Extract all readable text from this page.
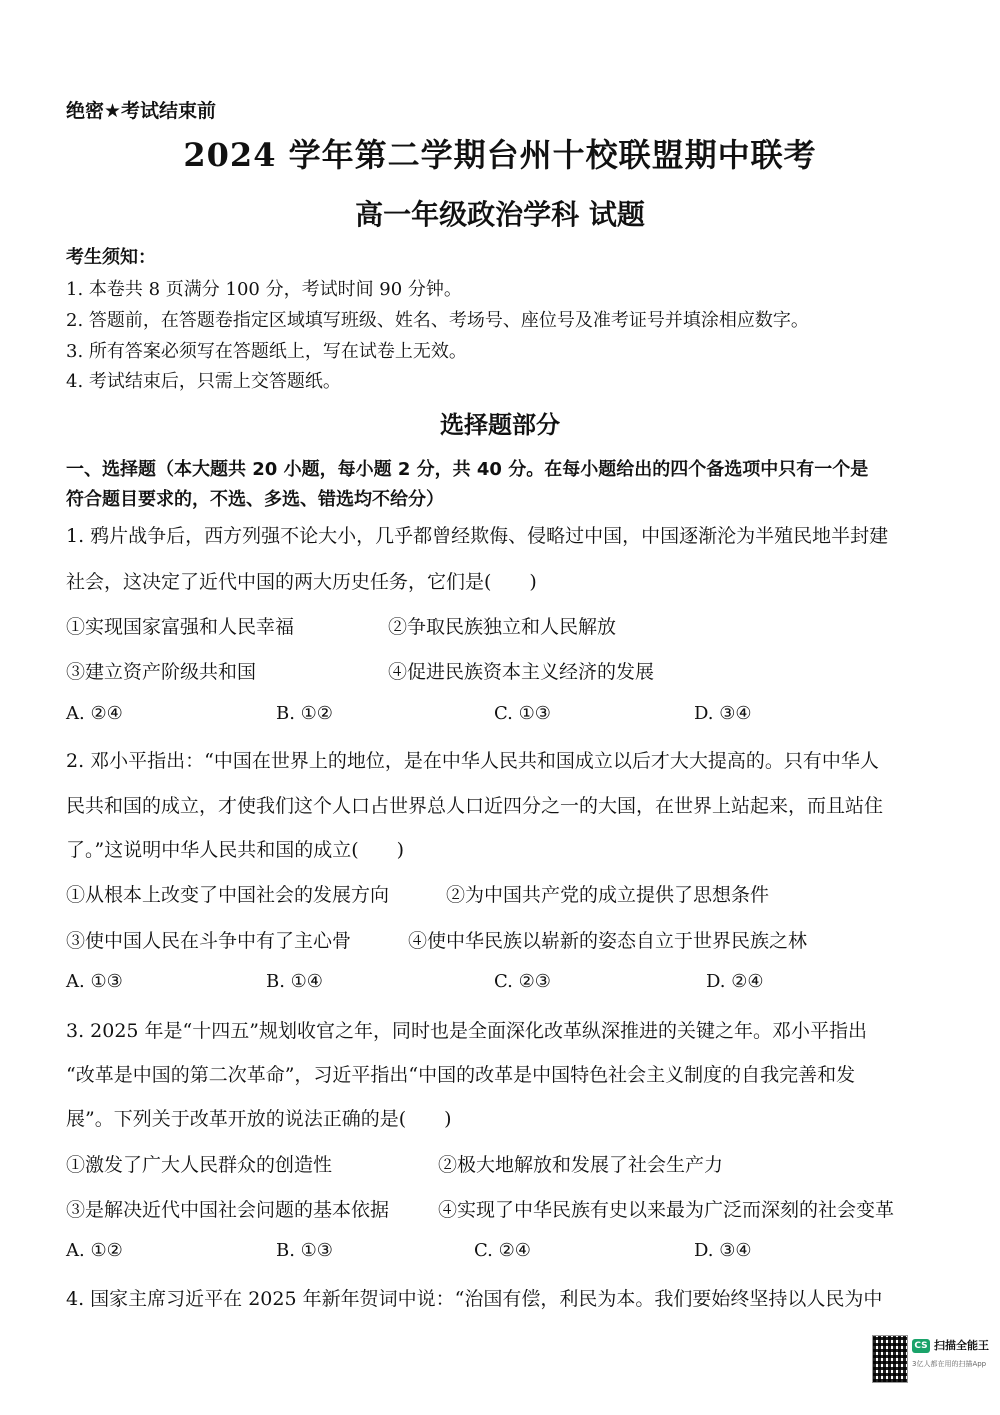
绝密★考试结束前
2024 学年第二学期台州十校联盟期中联考
高一年级政治学科 试题
考生须知：
1. 本卷共 8 页满分 100 分，考试时间 90 分钟。
2. 答题前，在答题卷指定区域填写班级、姓名、考场号、座位号及准考证号并填涂相应数字。
3. 所有答案必须写在答题纸上，写在试卷上无效。
4. 考试结束后，只需上交答题纸。
选择题部分
一、选择题（本大题共 20 小题，每小题 2 分，共 40 分。在每小题给出的四个备选项中只有一个是
符合题目要求的，不选、多选、错选均不给分）
1. 鸦片战争后，西方列强不论大小，几乎都曾经欺侮、侵略过中国，中国逐渐沦为半殖民地半封建
社会，这决定了近代中国的两大历史任务，它们是(　　)
①实现国家富强和人民幸福	②争取民族独立和人民解放
③建立资产阶级共和国	④促进民族资本主义经济的发展
A. ②④	B. ①②	C. ①③	D. ③④
2. 邓小平指出：“中国在世界上的地位，是在中华人民共和国成立以后才大大提高的。只有中华人
民共和国的成立，才使我们这个人口占世界总人口近四分之一的大国，在世界上站起来，而且站住
了。”这说明中华人民共和国的成立(　　)
①从根本上改变了中国社会的发展方向	②为中国共产党的成立提供了思想条件
③使中国人民在斗争中有了主心骨	④使中华民族以崭新的姿态自立于世界民族之林
A. ①③	B. ①④	C. ②③	D. ②④
3. 2025 年是“十四五”规划收官之年，同时也是全面深化改革纵深推进的关键之年。邓小平指出
“改革是中国的第二次革命”，习近平指出“中国的改革是中国特色社会主义制度的自我完善和发
展”。下列关于改革开放的说法正确的是(　　)
①激发了广大人民群众的创造性	②极大地解放和发展了社会生产力
③是解决近代中国社会问题的基本依据	④实现了中华民族有史以来最为广泛而深刻的社会变革
A. ①②	B. ①③	C. ②④	D. ③④
4. 国家主席习近平在 2025 年新年贺词中说：“治国有偿，利民为本。我们要始终坚持以人民为中
CS 扫描全能王
3亿人都在用的扫描App
